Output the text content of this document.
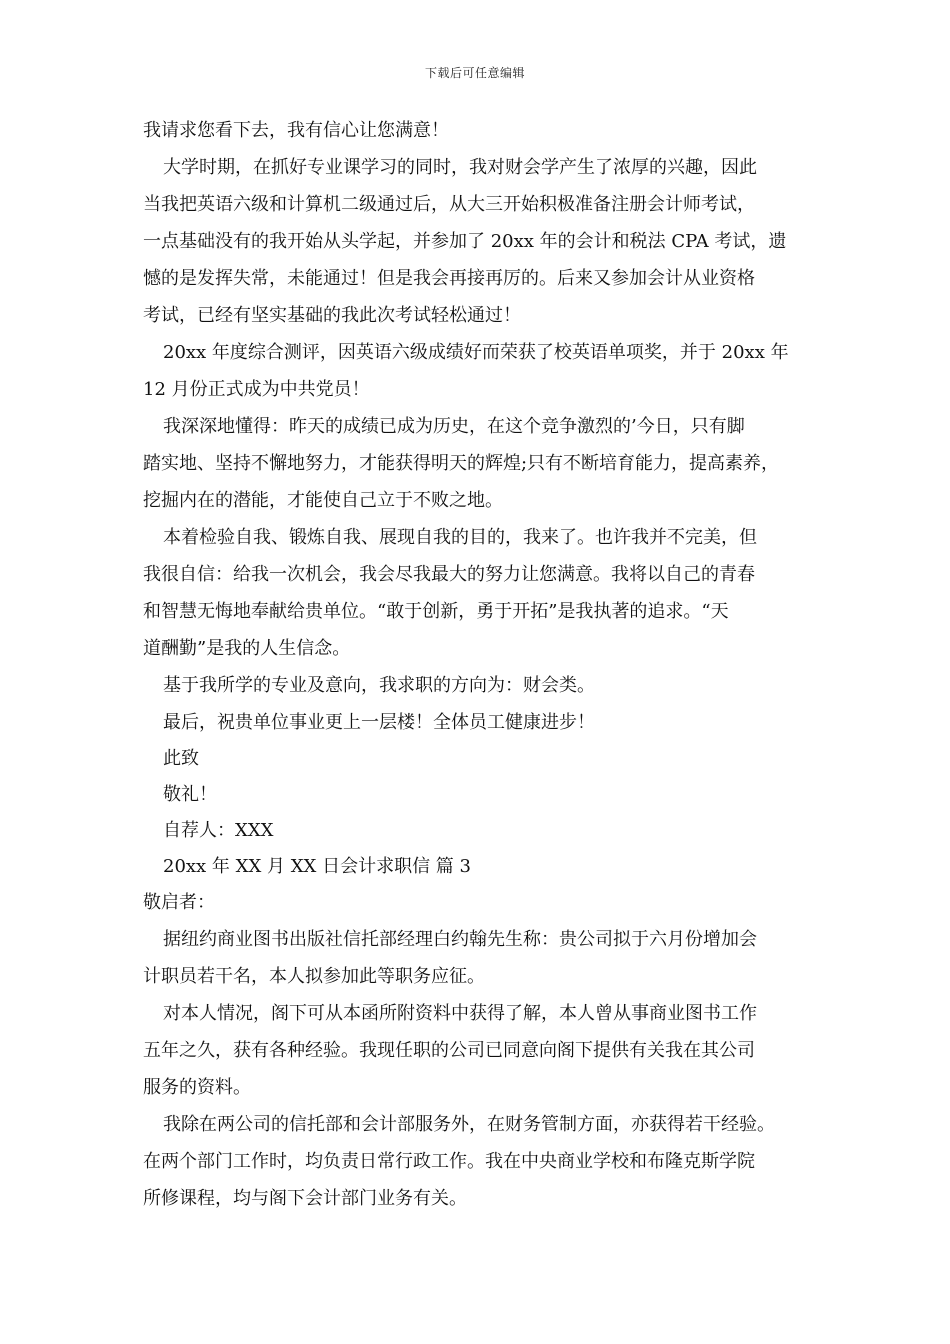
下载后可任意编辑
我请求您看下去，我有信心让您满意！
大学时期，在抓好专业课学习的同时，我对财会学产生了浓厚的兴趣，因此
当我把英语六级和计算机二级通过后，从大三开始积极准备注册会计师考试，
一点基础没有的我开始从头学起，并参加了 20xx 年的会计和税法 CPA 考试，遗
憾的是发挥失常，未能通过！但是我会再接再厉的。后来又参加会计从业资格
考试，已经有坚实基础的我此次考试轻松通过！
20xx 年度综合测评，因英语六级成绩好而荣获了校英语单项奖，并于 20xx 年
12 月份正式成为中共党员！
我深深地懂得：昨天的成绩已成为历史，在这个竞争激烈的’今日，只有脚
踏实地、坚持不懈地努力，才能获得明天的辉煌;只有不断培育能力，提高素养，
挖掘内在的潜能，才能使自己立于不败之地。
本着检验自我、锻炼自我、展现自我的目的，我来了。也许我并不完美，但
我很自信：给我一次机会，我会尽我最大的努力让您满意。我将以自己的青春
和智慧无悔地奉献给贵单位。“敢于创新，勇于开拓”是我执著的追求。“天
道酬勤”是我的人生信念。
基于我所学的专业及意向，我求职的方向为：财会类。
最后，祝贵单位事业更上一层楼！全体员工健康进步！
此致
敬礼！
自荐人：XXX
20xx 年 XX 月 XX 日会计求职信 篇 3
敬启者：
据纽约商业图书出版社信托部经理白约翰先生称：贵公司拟于六月份增加会
计职员若干名，本人拟参加此等职务应征。
对本人情况，阁下可从本函所附资料中获得了解，本人曾从事商业图书工作
五年之久，获有各种经验。我现任职的公司已同意向阁下提供有关我在其公司
服务的资料。
我除在两公司的信托部和会计部服务外，在财务管制方面，亦获得若干经验。
在两个部门工作时，均负责日常行政工作。我在中央商业学校和布隆克斯学院
所修课程，均与阁下会计部门业务有关。
